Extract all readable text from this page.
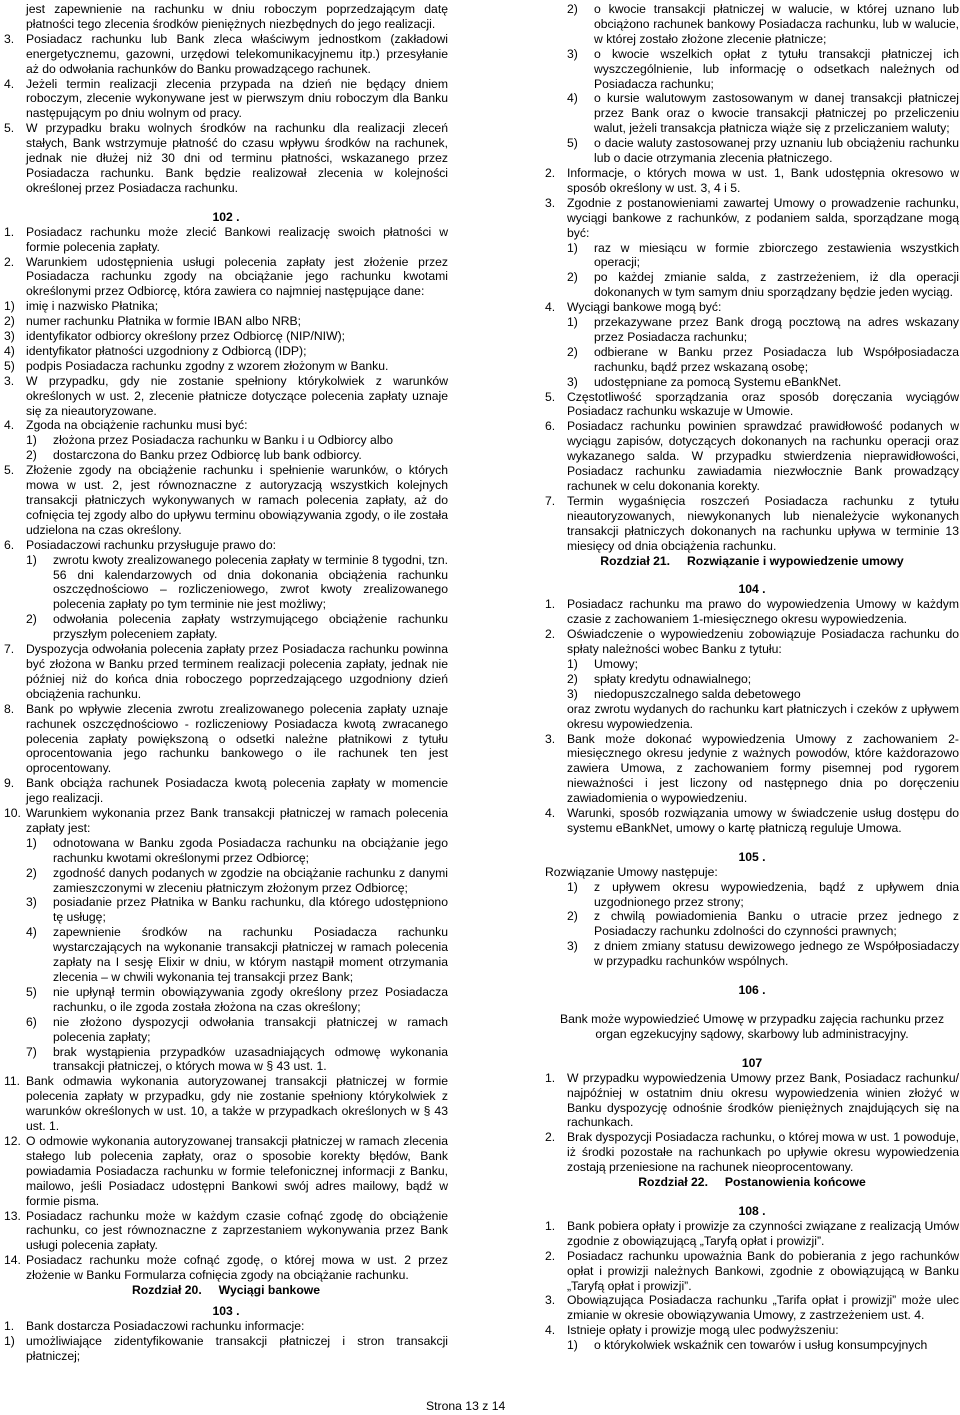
jest zapewnienie na rachunku w dniu roboczym poprzedzającym datę płatności tego zlecenia środków pieniężnych niezbędnych do jego realizacji.

3. Posiadacz rachunku lub Bank zleca właściwym jednostkom (zakładowi energetycznemu, gazowni, urzędowi telekomunikacyjnemu itp.) przesyłanie aż do odwołania rachunków do Banku prowadzącego rachunek.
4. Jeżeli termin realizacji zlecenia przypada na dzień nie będący dniem roboczym, zlecenie wykonywane jest w pierwszym dniu roboczym dla Banku następującym po dniu wolnym od pracy.
5. W przypadku braku wolnych środków na rachunku dla realizacji zleceń stałych, Bank wstrzymuje płatność do czasu wpływu środków na rachunek, jednak nie dłużej niż 30 dni od terminu płatności, wskazanego przez Posiadacza rachunku. Bank będzie realizował zlecenia w kolejności określonej przez Posiadacza rachunku.

102 .

1. Posiadacz rachunku może zlecić Bankowi realizację swoich płatności w formie polecenia zapłaty.
2. Warunkiem udostępnienia usługi polecenia zapłaty jest złożenie przez Posiadacza rachunku zgody na obciążanie jego rachunku kwotami określonymi przez Odbiorcę, która zawiera co najmniej następujące dane:
1) imię i nazwisko Płatnika;
2) numer rachunku Płatnika w formie IBAN albo NRB;
3) identyfikator odbiorcy określony przez Odbiorcę (NIP/NIW);
4) identyfikator płatności uzgodniony z Odbiorcą (IDP);
5) podpis Posiadacza rachunku zgodny z wzorem złożonym w Banku.
3. W przypadku, gdy nie zostanie spełniony którykolwiek z warunków określonych w ust. 2, zlecenie płatnicze dotyczące polecenia zapłaty uznaje się za nieautoryzowane.
4. Zgoda na obciążenie rachunku musi być:
1)	złożona przez Posiadacza rachunku w Banku i u Odbiorcy albo
2)	dostarczona do Banku przez Odbiorcę lub bank odbiorcy.
5. Złożenie zgody na obciążenie rachunku i spełnienie warunków, o których mowa w ust. 2, jest równoznaczne z autoryzacją wszystkich kolejnych transakcji płatniczych wykonywanych w ramach polecenia zapłaty, aż do cofnięcia tej zgody albo do upływu terminu obowiązywania zgody, o ile została udzielona na czas określony.
6. Posiadaczowi rachunku przysługuje prawo do:
1)	zwrotu kwoty zrealizowanego polecenia zapłaty w terminie 8 tygodni, tzn. 56 dni kalendarzowych od dnia dokonania obciążenia rachunku oszczędnościowo – rozliczeniowego, zwrot kwoty zrealizowanego polecenia zapłaty po tym terminie nie jest możliwy;
2)	odwołania polecenia zapłaty wstrzymującego obciążenie rachunku przyszłym poleceniem zapłaty.
7. Dyspozycja odwołania polecenia zapłaty przez Posiadacza rachunku powinna być złożona w Banku przed terminem realizacji polecenia zapłaty, jednak nie później niż do końca dnia roboczego poprzedzającego uzgodniony dzień obciążenia rachunku.
8. Bank po wpływie zlecenia zwrotu zrealizowanego polecenia zapłaty uznaje rachunek oszczędnościowo - rozliczeniowy Posiadacza kwotą zwracanego polecenia zapłaty powiększoną o odsetki należne płatnikowi z tytułu oprocentowania jego rachunku bankowego o ile rachunek ten jest oprocentowany.
9. Bank obciąża rachunek Posiadacza kwotą polecenia zapłaty w momencie jego realizacji.
10. Warunkiem wykonania przez Bank transakcji płatniczej w ramach polecenia zapłaty jest:
1)	odnotowana w Banku zgoda Posiadacza rachunku na obciążanie jego rachunku kwotami określonymi przez Odbiorcę;
2)	zgodność danych podanych w zgodzie na obciążanie rachunku z danymi zamieszczonymi w zleceniu płatniczym złożonym przez Odbiorcę;
3)	posiadanie przez Płatnika w Banku rachunku, dla którego udostępniono tę usługę;
4)	zapewnienie środków na rachunku Posiadacza rachunku wystarczających na wykonanie transakcji płatniczej w ramach polecenia zapłaty na I sesję Elixir w dniu, w którym nastąpił moment otrzymania zlecenia – w chwili wykonania tej transakcji przez Bank;
5)	nie upłynął termin obowiązywania zgody określony przez Posiadacza rachunku, o ile zgoda została złożona na czas określony;
6)	nie złożono dyspozycji odwołania transakcji płatniczej w ramach polecenia zapłaty;
7)	brak wystąpienia przypadków uzasadniających odmowę wykonania transakcji płatniczej, o których mowa w § 43 ust. 1.
11. Bank odmawia wykonania autoryzowanej transakcji płatniczej w formie polecenia zapłaty w przypadku, gdy nie zostanie spełniony którykolwiek z warunków określonych w ust. 10, a także w przypadkach określonych w § 43 ust. 1.
12. O odmowie wykonania autoryzowanej transakcji płatniczej w ramach zlecenia stałego lub polecenia zapłaty, oraz o sposobie korekty błędów, Bank powiadamia Posiadacza rachunku w formie telefonicznej informacji z Banku, mailowo, jeśli Posiadacz udostępni Bankowi swój adres mailowy, bądź w formie pisma.
13. Posiadacz rachunku może w każdym czasie cofnąć zgodę do obciążenie rachunku, co jest równoznaczne z zaprzestaniem wykonywania przez Bank usługi polecenia zapłaty.
14. Posiadacz rachunku może cofnąć zgodę, o której mowa w ust. 2 przez złożenie w Banku Formularza cofnięcia zgody na obciążanie rachunku.

Rozdział 20.     Wyciągi bankowe

103 .

1. Bank dostarcza Posiadaczowi rachunku informacje:
1) umożliwiające zidentyfikowanie transakcji płatniczej i stron transakcji płatniczej;
2)	o kwocie transakcji płatniczej w walucie, w której uznano lub obciążono rachunek bankowy Posiadacza rachunku, lub w walucie, w której zostało złożone zlecenie płatnicze;
3)	o kwocie wszelkich opłat z tytułu transakcji płatniczej ich wyszczególnienie, lub informację o odsetkach należnych od Posiadacza rachunku;
4)	o kursie walutowym zastosowanym w danej transakcji płatniczej przez Bank oraz o kwocie transakcji płatniczej po przeliczeniu walut, jeżeli transakcja płatnicza wiąże się z przeliczaniem waluty;
5)	o dacie waluty zastosowanej przy uznaniu lub obciążeniu rachunku lub o dacie otrzymania zlecenia płatniczego.
2. Informacje, o których mowa w ust. 1, Bank udostępnia okresowo w sposób określony w ust. 3, 4 i 5.
3. Zgodnie z postanowieniami zawartej Umowy o prowadzenie rachunku, wyciągi bankowe z rachunków, z podaniem salda, sporządzane mogą być:
1)	raz w miesiącu w formie zbiorczego zestawienia wszystkich operacji;
2)	po każdej zmianie salda, z zastrzeżeniem, iż dla operacji dokonanych w tym samym dniu sporządzany będzie jeden wyciąg.
4. Wyciągi bankowe mogą być:
1)	przekazywane przez Bank drogą pocztową na adres wskazany przez Posiadacza rachunku;
2)	odbierane w Banku przez Posiadacza lub Współposiadacza rachunku, bądź przez wskazaną osobę;
3)	udostępniane za pomocą Systemu eBankNet.
5. Częstotliwość sporządzania oraz sposób doręczania wyciągów Posiadacz rachunku wskazuje w Umowie.
6. Posiadacz rachunku powinien sprawdzać prawidłowość podanych w wyciągu zapisów, dotyczących dokonanych na rachunku operacji oraz wykazanego salda. W przypadku stwierdzenia nieprawidłowości, Posiadacz rachunku zawiadamia niezwłocznie Bank prowadzący rachunek w celu dokonania korekty.
7. Termin wygaśnięcia roszczeń Posiadacza rachunku z tytułu nieautoryzowanych, niewykonanych lub nienależycie wykonanych transakcji płatniczych dokonanych na rachunku upływa w terminie 13 miesięcy od dnia obciążenia rachunku.

Rozdział 21.     Rozwiązanie i wypowiedzenie umowy

104 .

1. Posiadacz rachunku ma prawo do wypowiedzenia Umowy w każdym czasie z zachowaniem 1-miesięcznego okresu wypowiedzenia.
2. Oświadczenie o wypowiedzeniu zobowiązuje Posiadacza rachunku do spłaty należności wobec Banku z tytułu:
1)	Umowy;
2)	spłaty kredytu odnawialnego;
3)	niedopuszczalnego salda debetowego

oraz zwrotu wydanych do rachunku kart płatniczych i czeków z upływem okresu wypowiedzenia.

3. Bank może dokonać wypowiedzenia Umowy z zachowaniem 2-miesięcznego okresu jedynie z ważnych powodów, które każdorazowo zawiera Umowa, z zachowaniem formy pisemnej pod rygorem nieważności i jest liczony od następnego dnia po doręczeniu zawiadomienia o wypowiedzeniu.
4. Warunki, sposób rozwiązania umowy w świadczenie usług dostępu do systemu eBankNet, umowy o kartę płatniczą reguluje Umowa.

105 .

Rozwiązanie Umowy następuje:

1)	z upływem okresu wypowiedzenia, bądź z upływem dnia uzgodnionego przez strony;
2)	z chwilą powiadomienia Banku o utracie przez jednego z Posiadaczy rachunku zdolności do czynności prawnych;
3)	z dniem zmiany statusu dewizowego jednego ze Współposiadaczy w przypadku rachunków wspólnych.

106 .

Bank może wypowiedzieć Umowę w przypadku zajęcia rachunku przez organ egzekucyjny sądowy, skarbowy lub administracyjny.

107

1. W przypadku wypowiedzenia Umowy przez Bank, Posiadacz rachunku/ najpóźniej w ostatnim dniu okresu wypowiedzenia winien złożyć w Banku dyspozycję odnośnie środków pieniężnych znajdujących się na rachunkach.
2. Brak dyspozycji Posiadacza rachunku, o której mowa w ust. 1 powoduje, iż środki pozostałe na rachunkach po upływie okresu wypowiedzenia zostają przeniesione na rachunek nieoprocentowany.

Rozdział 22.     Postanowienia końcowe

108 .

1. Bank pobiera opłaty i prowizje za czynności związane z realizacją Umów zgodnie z obowiązującą „Taryfą opłat i prowizji”.
2. Posiadacz rachunku upoważnia Bank do pobierania z jego rachunków opłat i prowizji należnych Bankowi, zgodnie z obowiązującą w Banku „Taryfą opłat i prowizji”.
3. Obowiązująca Posiadacza rachunku „Tarifa opłat i prowizji” może ulec zmianie w okresie obowiązywania Umowy, z zastrzeżeniem ust. 4.
4. Istnieje opłaty i prowizje mogą ulec podwyższeniu:
1)	o którykolwiek wskaźnik cen towarów i usług konsumpcyjnych
Strona 13 z 14
